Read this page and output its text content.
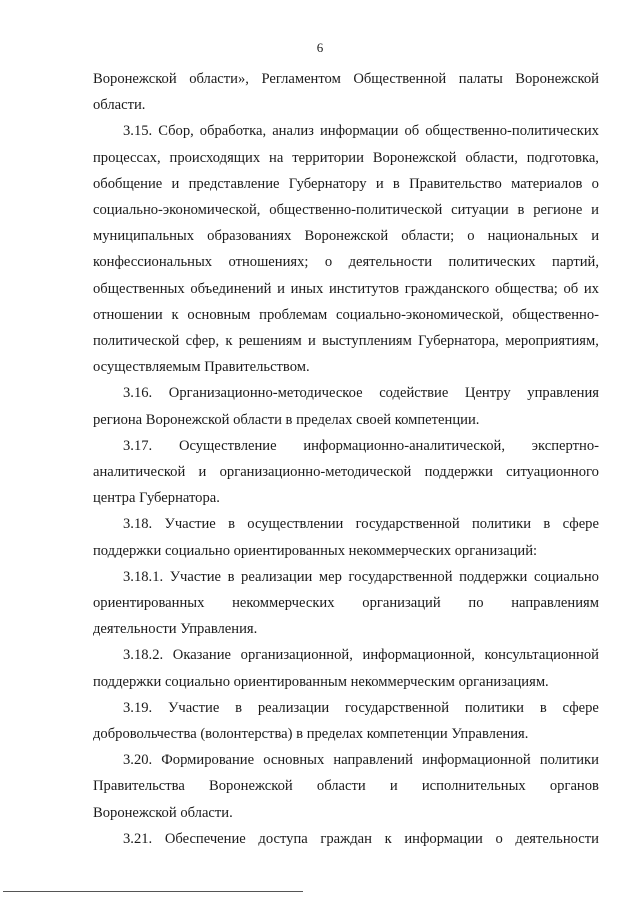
6
Воронежской области», Регламентом Общественной палаты Воронежской
области.
3.15. Сбор, обработка, анализ информации об общественно-политических
процессах, происходящих на территории Воронежской области, подготовка,
обобщение и представление Губернатору и в Правительство материалов о
социально-экономической, общественно-политической ситуации в регионе и
муниципальных образованиях Воронежской области; о национальных и
конфессиональных отношениях; о деятельности политических партий,
общественных объединений и иных институтов гражданского общества; об их
отношении к основным проблемам социально-экономической, общественно-
политической сфер, к решениям и выступлениям Губернатора, мероприятиям,
осуществляемым Правительством.
3.16. Организационно-методическое содействие Центру управления
региона Воронежской области в пределах своей компетенции.
3.17. Осуществление информационно-аналитической, экспертно-
аналитической и организационно-методической поддержки ситуационного
центра Губернатора.
3.18. Участие в осуществлении государственной политики в сфере
поддержки социально ориентированных некоммерческих организаций:
3.18.1. Участие в реализации мер государственной поддержки социально
ориентированных некоммерческих организаций по направлениям
деятельности Управления.
3.18.2. Оказание организационной, информационной, консультационной
поддержки социально ориентированным некоммерческим организациям.
3.19. Участие в реализации государственной политики в сфере
добровольчества (волонтерства) в пределах компетенции Управления.
3.20. Формирование основных направлений информационной политики
Правительства Воронежской области и исполнительных органов
Воронежской области.
3.21. Обеспечение доступа граждан к информации о деятельности
